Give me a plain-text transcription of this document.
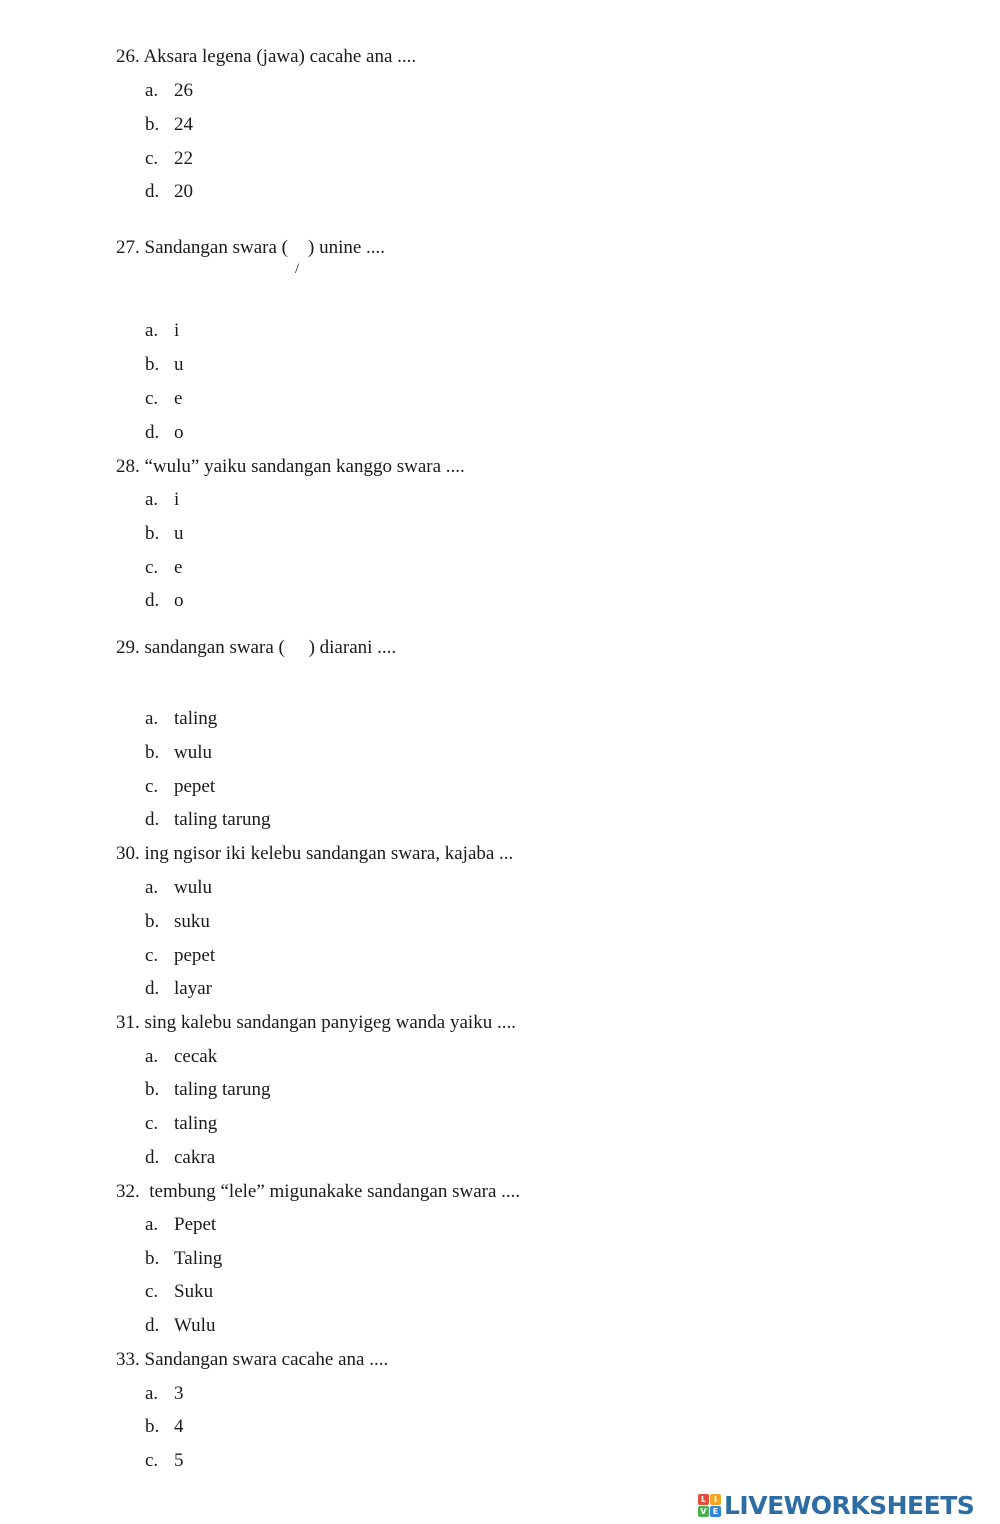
26. Aksara legena (jawa) cacahe ana ....
a. 26
b. 24
c. 22
d. 20
27. Sandangan swara (
/
) unine ....
a. i
b. u
c. e
d. o
28. “wulu” yaiku sandangan kanggo swara ....
a. i
b. u
c. e
d. o
29. sandangan swara (     ) diarani ....
a. taling
b. wulu
c. pepet
d. taling tarung
30. ing ngisor iki kelebu sandangan swara, kajaba ...
a. wulu
b. suku
c. pepet
d. layar
31. sing kalebu sandangan panyigeg wanda yaiku ....
a. cecak
b. taling tarung
c. taling
d. cakra
32.  tembung “lele” migunakake sandangan swara ....
a. Pepet
b. Taling
c. Suku
d. Wulu
33. Sandangan swara cacahe ana ....
a. 3
b. 4
c. 5
L I
V E LIVEWORKSHEETS
